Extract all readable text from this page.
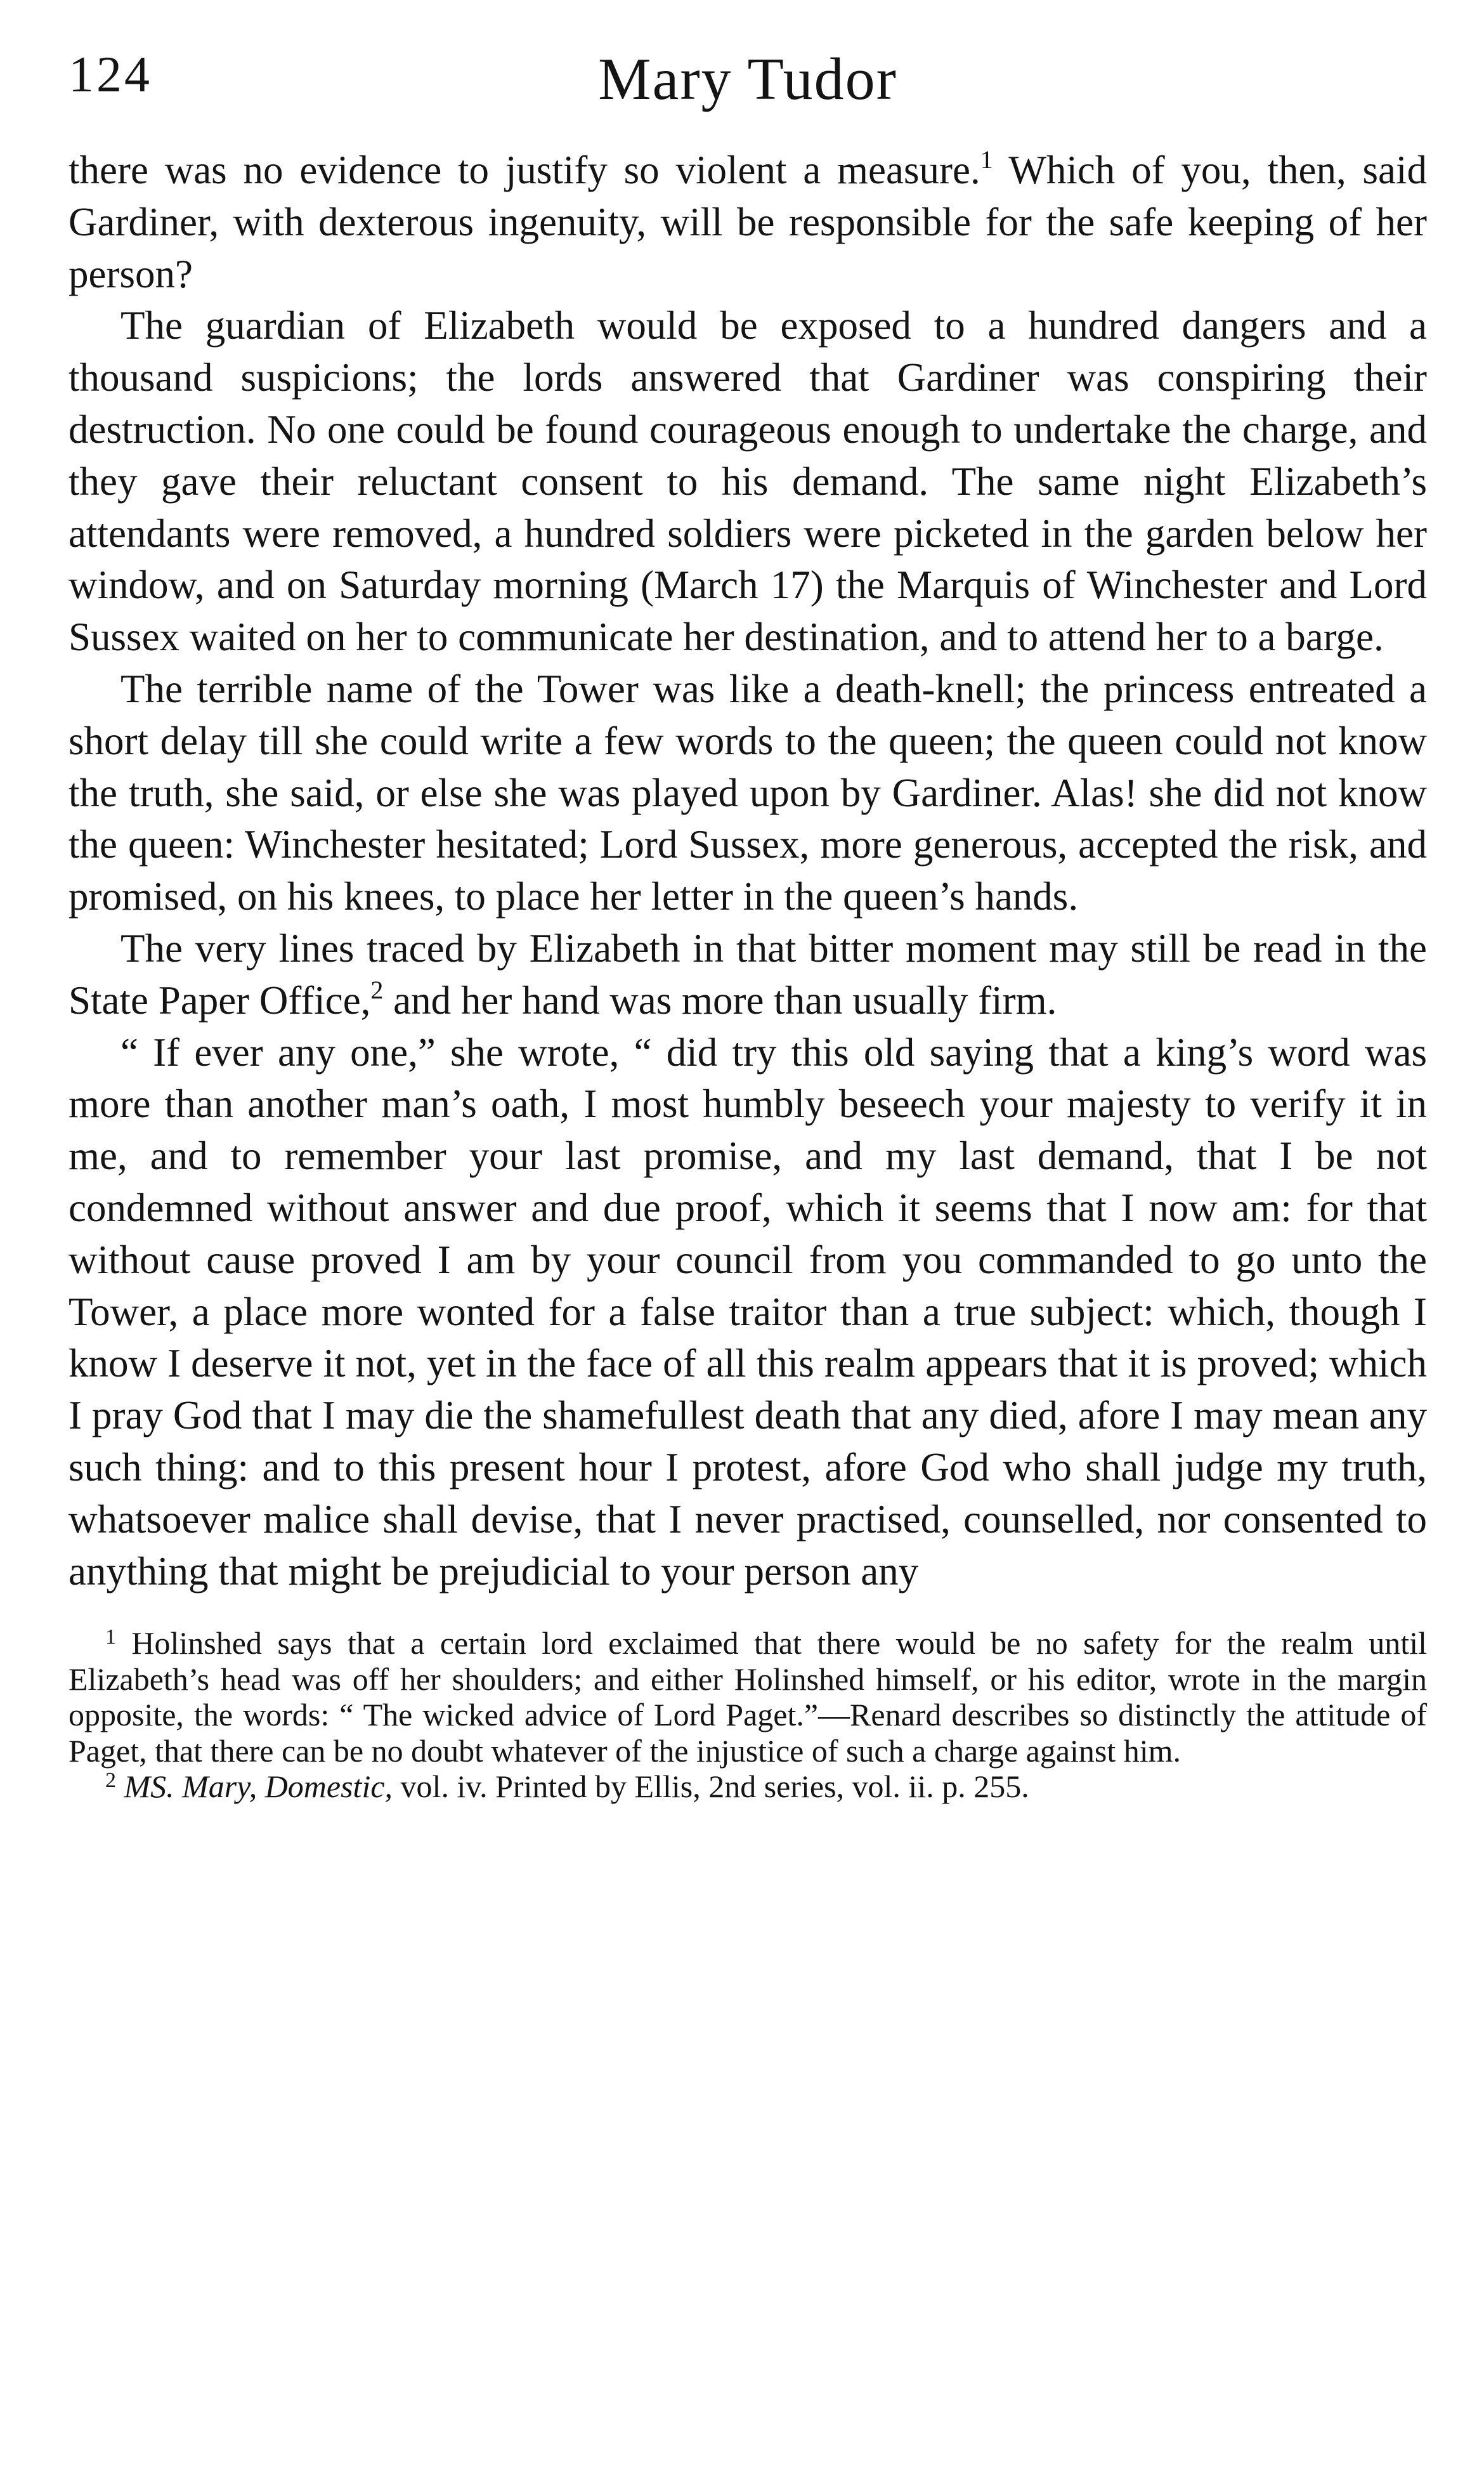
124	Mary Tudor

there was no evidence to justify so violent a measure.$^1$ Which of you, then, said Gardiner, with dexterous ingenuity, will be responsible for the safe keeping of her person?

The guardian of Elizabeth would be exposed to a hundred dangers and a thousand suspicions; the lords answered that Gardiner was conspiring their destruction. No one could be found courageous enough to undertake the charge, and they gave their reluctant consent to his demand. The same night Elizabeth’s attendants were removed, a hundred soldiers were picketed in the garden below her window, and on Saturday morning (March 17) the Marquis of Winchester and Lord Sussex waited on her to communicate her destination, and to attend her to a barge.

The terrible name of the Tower was like a death-knell; the princess entreated a short delay till she could write a few words to the queen; the queen could not know the truth, she said, or else she was played upon by Gardiner. Alas! she did not know the queen: Winchester hesitated; Lord Sussex, more generous, accepted the risk, and promised, on his knees, to place her letter in the queen’s hands.

The very lines traced by Elizabeth in that bitter moment may still be read in the State Paper Office,$^2$ and her hand was more than usually firm.

“ If ever any one,” she wrote, “ did try this old saying that a king’s word was more than another man’s oath, I most humbly beseech your majesty to verify it in me, and to remember your last promise, and my last demand, that I be not condemned without answer and due proof, which it seems that I now am: for that without cause proved I am by your council from you commanded to go unto the Tower, a place more wonted for a false traitor than a true subject: which, though I know I deserve it not, yet in the face of all this realm appears that it is proved; which I pray God that I may die the shamefullest death that any died, afore I may mean any such thing: and to this present hour I protest, afore God who shall judge my truth, whatsoever malice shall devise, that I never practised, counselled, nor consented to anything that might be prejudicial to your person any

$^1$ Holinshed says that a certain lord exclaimed that there would be no safety for the realm until Elizabeth’s head was off her shoulders; and either Holinshed himself, or his editor, wrote in the margin opposite, the words: “ The wicked advice of Lord Paget.”—Renard describes so distinctly the attitude of Paget, that there can be no doubt whatever of the injustice of such a charge against him.

$^2$ MS. Mary, Domestic, vol. iv. Printed by Ellis, 2nd series, vol. ii. p. 255.
